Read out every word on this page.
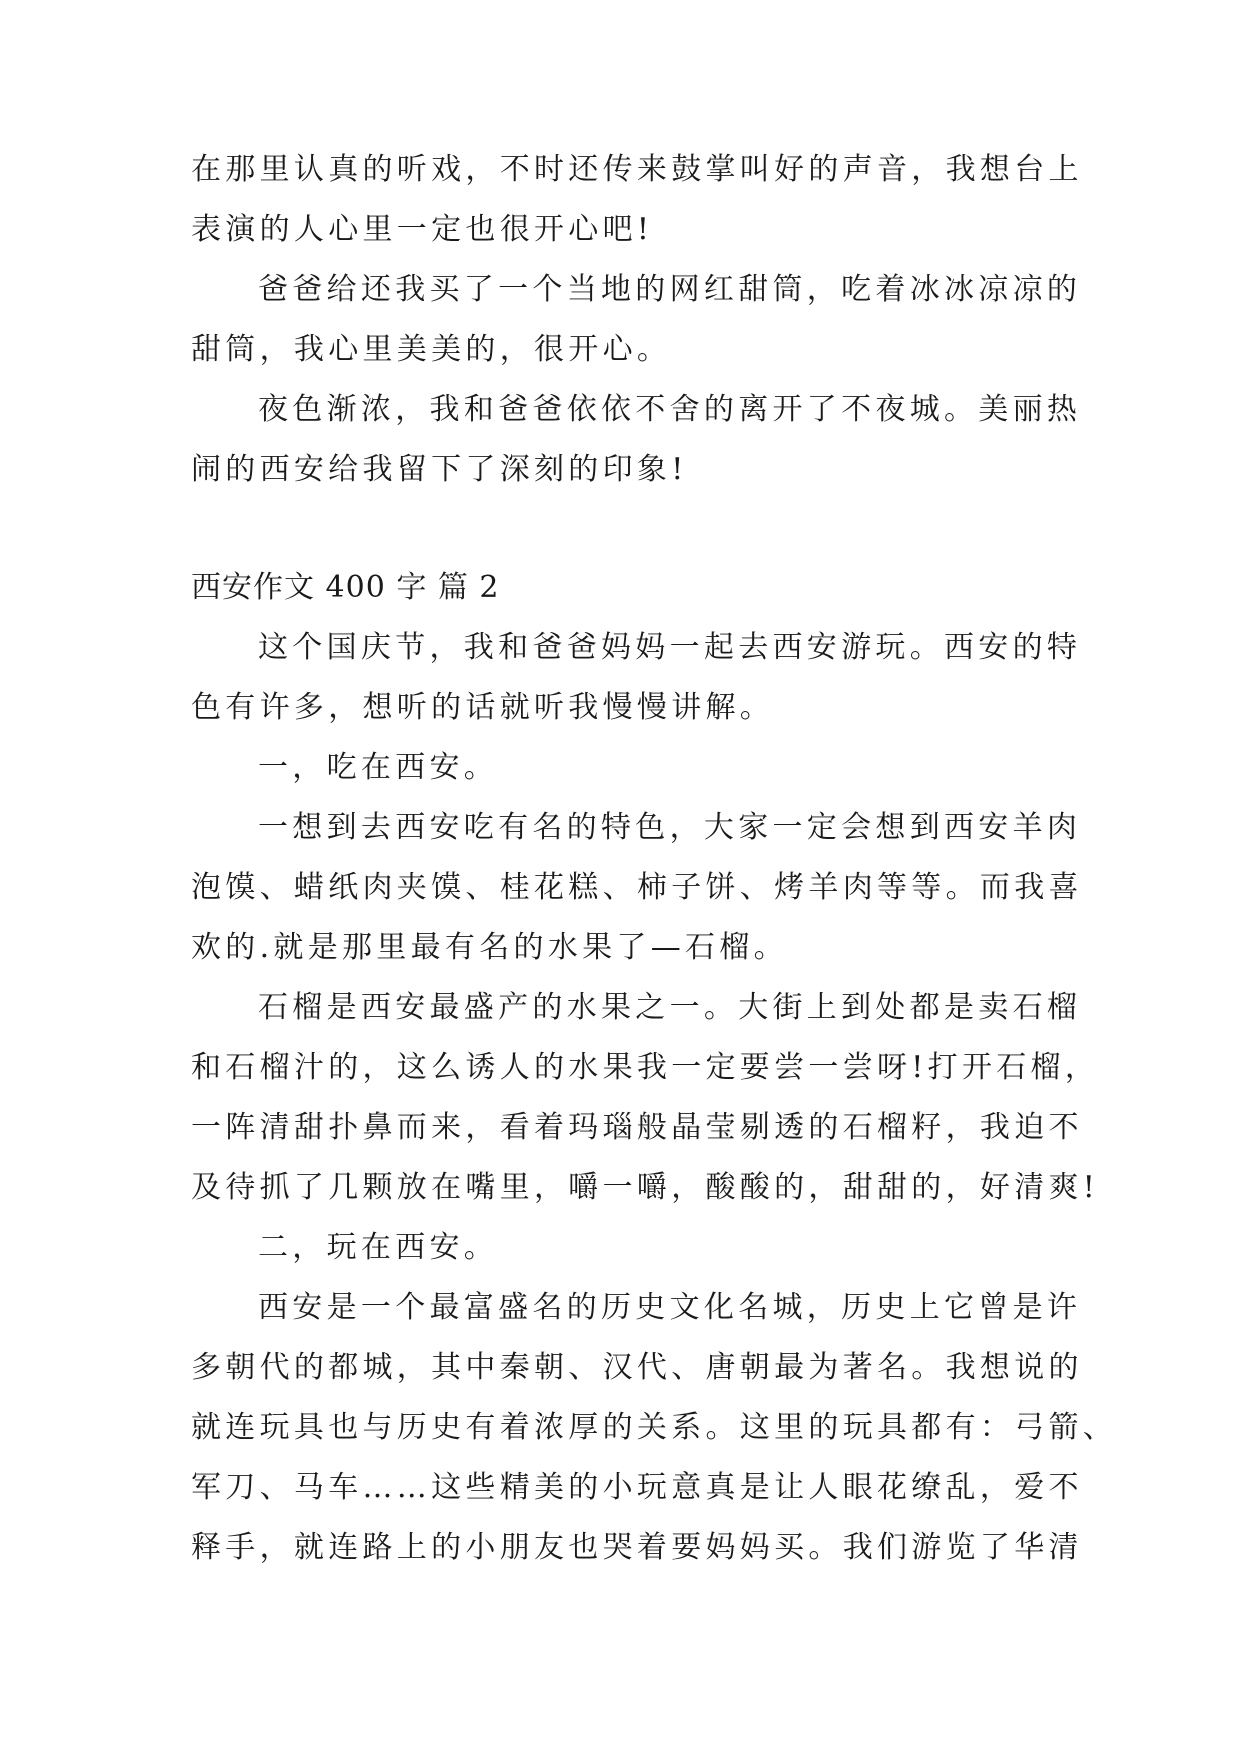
在那里认真的听戏，不时还传来鼓掌叫好的声音，我想台上
表演的人心里一定也很开心吧!
爸爸给还我买了一个当地的网红甜筒，吃着冰冰凉凉的
甜筒，我心里美美的，很开心。
夜色渐浓，我和爸爸依依不舍的离开了不夜城。美丽热
闹的西安给我留下了深刻的印象!
西安作文 400 字 篇 2
这个国庆节，我和爸爸妈妈一起去西安游玩。西安的特
色有许多，想听的话就听我慢慢讲解。
一，吃在西安。
一想到去西安吃有名的特色，大家一定会想到西安羊肉
泡馍、蜡纸肉夹馍、桂花糕、柿子饼、烤羊肉等等。而我喜
欢的.就是那里最有名的水果了—石榴。
石榴是西安最盛产的水果之一。大街上到处都是卖石榴
和石榴汁的，这么诱人的水果我一定要尝一尝呀!打开石榴，
一阵清甜扑鼻而来，看着玛瑙般晶莹剔透的石榴籽，我迫不
及待抓了几颗放在嘴里，嚼一嚼，酸酸的，甜甜的，好清爽!
二，玩在西安。
西安是一个最富盛名的历史文化名城，历史上它曾是许
多朝代的都城，其中秦朝、汉代、唐朝最为著名。我想说的
就连玩具也与历史有着浓厚的关系。这里的玩具都有：弓箭、
军刀、马车……这些精美的小玩意真是让人眼花缭乱，爱不
释手，就连路上的小朋友也哭着要妈妈买。我们游览了华清
